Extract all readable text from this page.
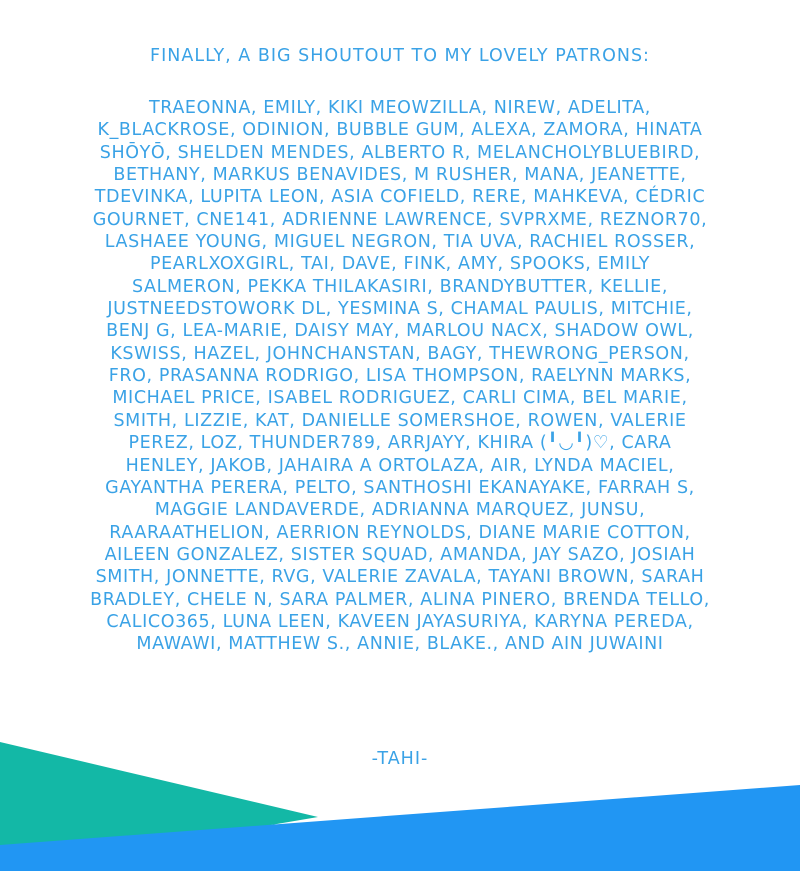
FINALLY, A BIG SHOUTOUT TO MY LOVELY PATRONS:
TRAEONNA, EMILY, KIKI MEOWZILLA, NIREW, ADELITA,
K_BLACKROSE, ODINION, BUBBLE GUM, ALEXA, ZAMORA, HINATA
SHŌYŌ, SHELDEN MENDES, ALBERTO R, MELANCHOLYBLUEBIRD,
BETHANY, MARKUS BENAVIDES, M RUSHER, MANA, JEANETTE,
TDEVINKA, LUPITA LEON, ASIA COFIELD, RERE, MAHKEVA, CÉDRIC
GOURNET, CNE141, ADRIENNE LAWRENCE, SVPRXME, REZNOR70,
LASHAEE YOUNG, MIGUEL NEGRON, TIA UVA, RACHIEL ROSSER,
PEARLXOXGIRL, TAI, DAVE, FINK, AMY, SPOOKS, EMILY
SALMERON, PEKKA THILAKASIRI, BRANDYBUTTER, KELLIE,
JUSTNEEDSTOWORK DL, YESMINA S, CHAMAL PAULIS, MITCHIE,
BENJ G, LEA-MARIE, DAISY MAY, MARLOU NACX, SHADOW OWL,
KSWISS, HAZEL, JOHNCHANSTAN, BAGY, THEWRONG_PERSON,
FRO, PRASANNA RODRIGO, LISA THOMPSON, RAELYNN MARKS,
MICHAEL PRICE, ISABEL RODRIGUEZ, CARLI CIMA, BEL MARIE,
SMITH, LIZZIE, KAT, DANIELLE SOMERSHOE, ROWEN, VALERIE
PEREZ, LOZ, THUNDER789, ARRJAYY, KHIRA (╹◡╹)♡, CARA
HENLEY, JAKOB, JAHAIRA A ORTOLAZA, AIR, LYNDA MACIEL,
GAYANTHA PERERA, PELTO, SANTHOSHI EKANAYAKE, FARRAH S,
MAGGIE LANDAVERDE, ADRIANNA MARQUEZ, JUNSU,
RAARAATHELION, AERRION REYNOLDS, DIANE MARIE COTTON,
AILEEN GONZALEZ, SISTER SQUAD, AMANDA, JAY SAZO, JOSIAH
SMITH, JONNETTE, RVG, VALERIE ZAVALA, TAYANI BROWN, SARAH
BRADLEY, CHELE N, SARA PALMER, ALINA PINERO, BRENDA TELLO,
CALICO365, LUNA LEEN, KAVEEN JAYASURIYA, KARYNA PEREDA,
MAWAWI, MATTHEW S., ANNIE, BLAKE., AND AIN JUWAINI
-TAHI-
